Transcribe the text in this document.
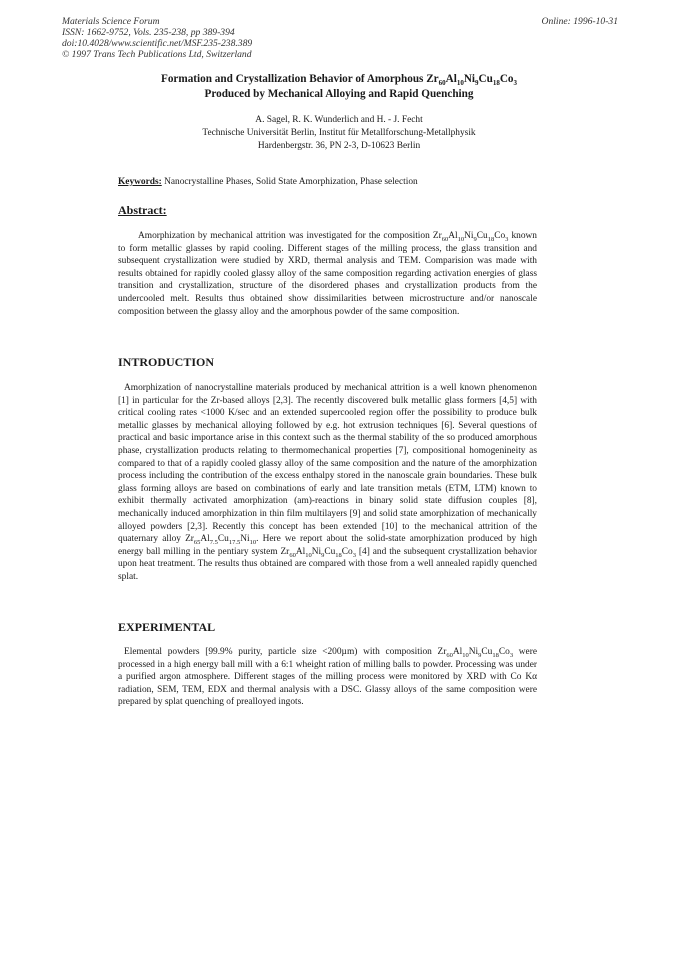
Materials Science Forum
ISSN: 1662-9752, Vols. 235-238, pp 389-394
doi:10.4028/www.scientific.net/MSF.235-238.389
© 1997 Trans Tech Publications Ltd, Switzerland
Online: 1996-10-31
Formation and Crystallization Behavior of Amorphous $Zr_{60}Al_{10}Ni_9Cu_{18}Co_3$
Produced by Mechanical Alloying and Rapid Quenching
A. Sagel, R. K. Wunderlich and H. - J. Fecht
Technische Universität Berlin, Institut für Metallforschung-Metallphysik
Hardenbergstr. 36, PN 2-3, D-10623 Berlin
Keywords: Nanocrystalline Phases, Solid State Amorphization, Phase selection
Abstract:

Amorphization by mechanical attrition was investigated for the composition $Zr_{60}Al_{10}Ni_9Cu_{18}Co_3$ known to form metallic glasses by rapid cooling. Different stages of the milling process, the glass transition and subsequent crystallization were studied by XRD, thermal analysis and TEM. Comparision was made with results obtained for rapidly cooled glassy alloy of the same composition regarding activation energies of glass transition and crystallization, structure of the disordered phases and crystallization products from the undercooled melt. Results thus obtained show dissimilarities between microstructure and/or nanoscale composition between the glassy alloy and the amorphous powder of the same composition.

INTRODUCTION

Amorphization of nanocrystalline materials produced by mechanical attrition is a well known phenomenon [1] in particular for the Zr-based alloys [2,3]. The recently discovered bulk metallic glass formers [4,5] with critical cooling rates <1000 K/sec and an extended supercooled region offer the possibility to produce bulk metallic glasses by mechanical alloying followed by e.g. hot extrusion techniques [6]. Several questions of practical and basic importance arise in this context such as the thermal stability of the so produced amorphous phase, crystallization products relating to thermomechanical properties [7], compositional homogenineity as compared to that of a rapidly cooled glassy alloy of the same composition and the nature of the amorphization process including the contribution of the excess enthalpy stored in the nanoscale grain boundaries. These bulk glass forming alloys are based on combinations of early and late transition metals (ETM, LTM) known to exhibit thermally activated amorphization (am)-reactions in binary solid state diffusion couples [8], mechanically induced amorphization in thin film multilayers [9] and solid state amorphization of mechanically alloyed powders [2,3]. Recently this concept has been extended [10] to the mechanical attrition of the quaternary alloy $Zr_{65}Al_{7.5}Cu_{17.5}Ni_{10}$. Here we report about the solid-state amorphization produced by high energy ball milling in the pentiary system $Zr_{60}Al_{10}Ni_9Cu_{18}Co_3$ [4] and the subsequent crystallization behavior upon heat treatment. The results thus obtained are compared with those from a well annealed rapidly quenched splat.

EXPERIMENTAL

Elemental powders [99.9% purity, particle size <200µm) with composition $Zr_{60}Al_{10}Ni_9Cu_{18}Co_3$ were processed in a high energy ball mill with a 6:1 wheight ration of milling balls to powder. Processing was under a purified argon atmosphere. Different stages of the milling process were monitored by XRD with Co Kα radiation, SEM, TEM, EDX and thermal analysis with a DSC. Glassy alloys of the same composition were prepared by splat quenching of prealloyed ingots.
